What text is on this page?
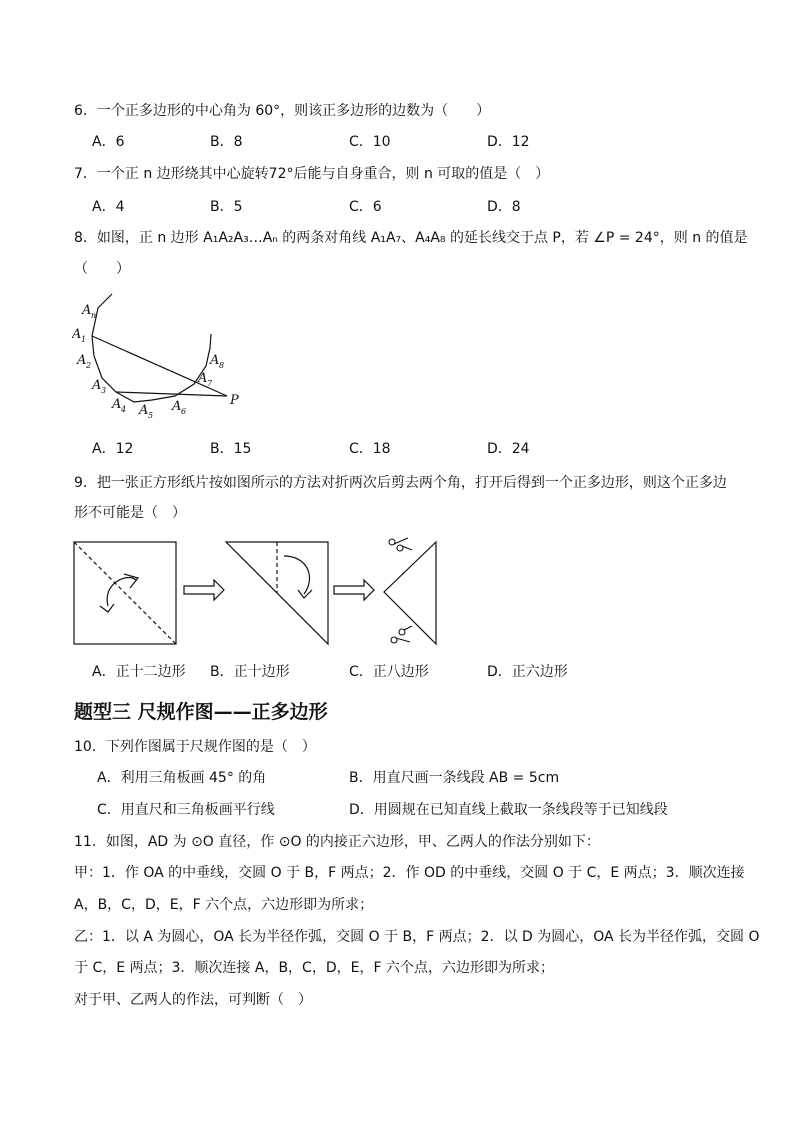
6．一个正多边形的中心角为 60°，则该正多边形的边数为（　　）
A．6	B．8	C．10	D．12
7．一个正 n 边形绕其中心旋转72°后能与自身重合，则 n 可取的值是（　）
A．4	B．5	C．6	D．8
8．如图，正 n 边形 A₁A₂A₃…Aₙ 的两条对角线 A₁A₇、A₄A₈ 的延长线交于点 P，若 ∠P = 24°，则 n 的值是
（　　）
A n
A 1
A 2
A 3
A 4 A 5
A 6
A 7
A 8
P
A．12	B．15	C．18	D．24
9．把一张正方形纸片按如图所示的方法对折两次后剪去两个角，打开后得到一个正多边形，则这个正多边
形不可能是（　）
A．正十二边形 B．正十边形	C．正八边形	D．正六边形
题型三 尺规作图——正多边形
10．下列作图属于尺规作图的是（　）
A．利用三角板画 45° 的角	B．用直尺画一条线段 AB = 5cm
C．用直尺和三角板画平行线	D．用圆规在已知直线上截取一条线段等于已知线段
11．如图，AD 为 ⊙O 直径，作 ⊙O 的内接正六边形，甲、乙两人的作法分别如下：
甲：1．作 OA 的中垂线，交圆 O 于 B，F 两点；2．作 OD 的中垂线，交圆 O 于 C，E 两点；3．顺次连接
A，B，C，D，E，F 六个点，六边形即为所求；
乙：1．以 A 为圆心，OA 长为半径作弧，交圆 O 于 B，F 两点；2．以 D 为圆心，OA 长为半径作弧，交圆 O
于 C，E 两点；3．顺次连接 A，B，C，D，E，F 六个点，六边形即为所求；
对于甲、乙两人的作法，可判断（　）
